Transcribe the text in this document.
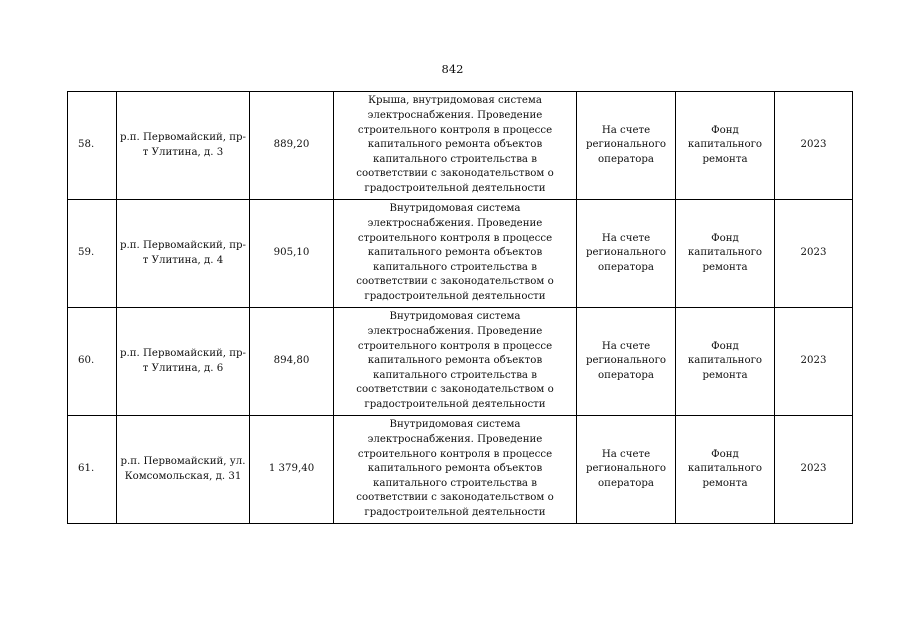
842
58.	р.п. Первомайский, пр-т Улитина, д. 3	889,20	Крыша, внутридомовая система электроснабжения. Проведение строительного контроля в процессе капитального ремонта объектов капитального строительства в соответствии с законодательством о градостроительной деятельности	На счете регионального оператора	Фонд капитального ремонта	2023
59.	р.п. Первомайский, пр-т Улитина, д. 4	905,10	Внутридомовая система электроснабжения. Проведение строительного контроля в процессе капитального ремонта объектов капитального строительства в соответствии с законодательством о градостроительной деятельности	На счете регионального оператора	Фонд капитального ремонта	2023
60.	р.п. Первомайский, пр-т Улитина, д. 6	894,80	Внутридомовая система электроснабжения. Проведение строительного контроля в процессе капитального ремонта объектов капитального строительства в соответствии с законодательством о градостроительной деятельности	На счете регионального оператора	Фонд капитального ремонта	2023
61.	р.п. Первомайский, ул. Комсомольская, д. 31	1 379,40	Внутридомовая система электроснабжения. Проведение строительного контроля в процессе капитального ремонта объектов капитального строительства в соответствии с законодательством о градостроительной деятельности	На счете регионального оператора	Фонд капитального ремонта	2023
